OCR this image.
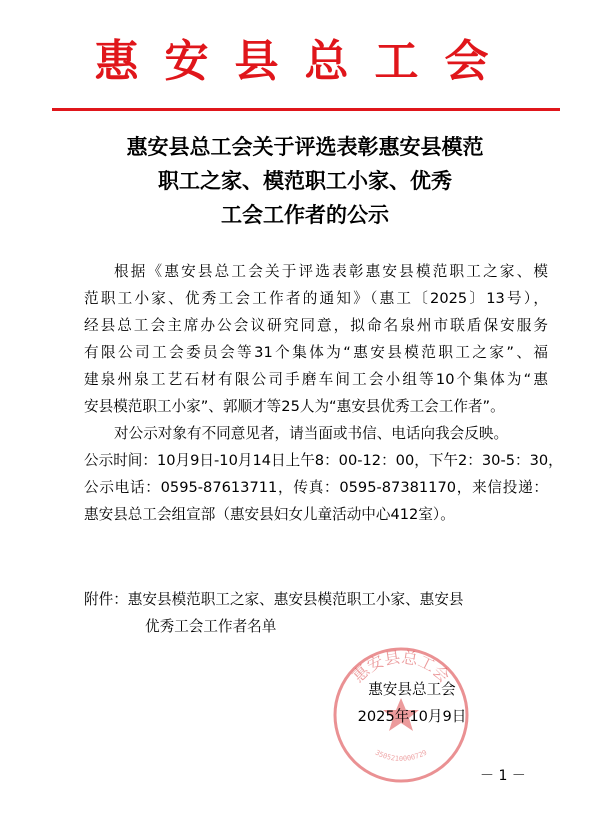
惠安县总工会
惠安县总工会关于评选表彰惠安县模范
职工之家、模范职工小家、优秀
工会工作者的公示
根据《惠安县总工会关于评选表彰惠安县模范职工之家、模
范职工小家、优秀工会工作者的通知》（惠工〔2025〕13号），
经县总工会主席办公会议研究同意，拟命名泉州市联盾保安服务
有限公司工会委员会等31个集体为“惠安县模范职工之家”、福
建泉州泉工艺石材有限公司手磨车间工会小组等10个集体为“惠
安县模范职工小家”、郭顺才等25人为“惠安县优秀工会工作者”。
对公示对象有不同意见者，请当面或书信、电话向我会反映。
公示时间：10月9日-10月14日上午8：00-12：00，下午2：30-5：30，
公示电话：0595-87613711，传真：0595-87381170，来信投递：
惠安县总工会组宣部（惠安县妇女儿童活动中心412室）。
附件：惠安县模范职工之家、惠安县模范职工小家、惠安县
优秀工会工作者名单
惠安县总工会
3505210000729
惠安县总工会
2025年10月9日
－ 1 －
